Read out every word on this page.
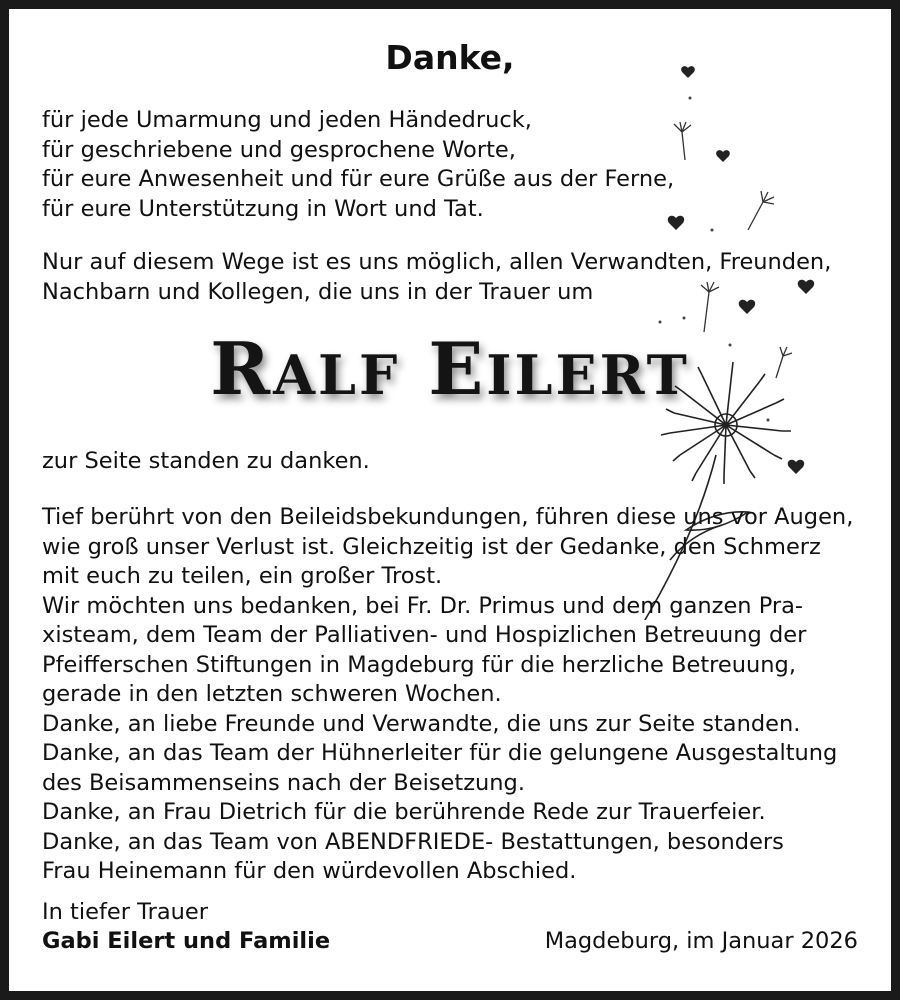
Danke,
für jede Umarmung und jeden Händedruck,
für geschriebene und gesprochene Worte,
für eure Anwesenheit und für eure Grüße aus der Ferne,
für eure Unterstützung in Wort und Tat.
Nur auf diesem Wege ist es uns möglich, allen Verwandten, Freunden,
Nachbarn und Kollegen, die uns in der Trauer um
RALF EILERT
zur Seite standen zu danken.
Tief berührt von den Beileidsbekundungen, führen diese uns vor Augen,
wie groß unser Verlust ist. Gleichzeitig ist der Gedanke, den Schmerz
mit euch zu teilen, ein großer Trost.
Wir möchten uns bedanken, bei Fr. Dr. Primus und dem ganzen Pra-
xisteam, dem Team der Palliativen- und Hospizlichen Betreuung der
Pfeifferschen Stiftungen in Magdeburg für die herzliche Betreuung,
gerade in den letzten schweren Wochen.
Danke, an liebe Freunde und Verwandte, die uns zur Seite standen.
Danke, an das Team der Hühnerleiter für die gelungene Ausgestaltung
des Beisammenseins nach der Beisetzung.
Danke, an Frau Dietrich für die berührende Rede zur Trauerfeier.
Danke, an das Team von ABENDFRIEDE- Bestattungen, besonders
Frau Heinemann für den würdevollen Abschied.
In tiefer Trauer
Gabi Eilert und Familie	Magdeburg, im Januar 2026
